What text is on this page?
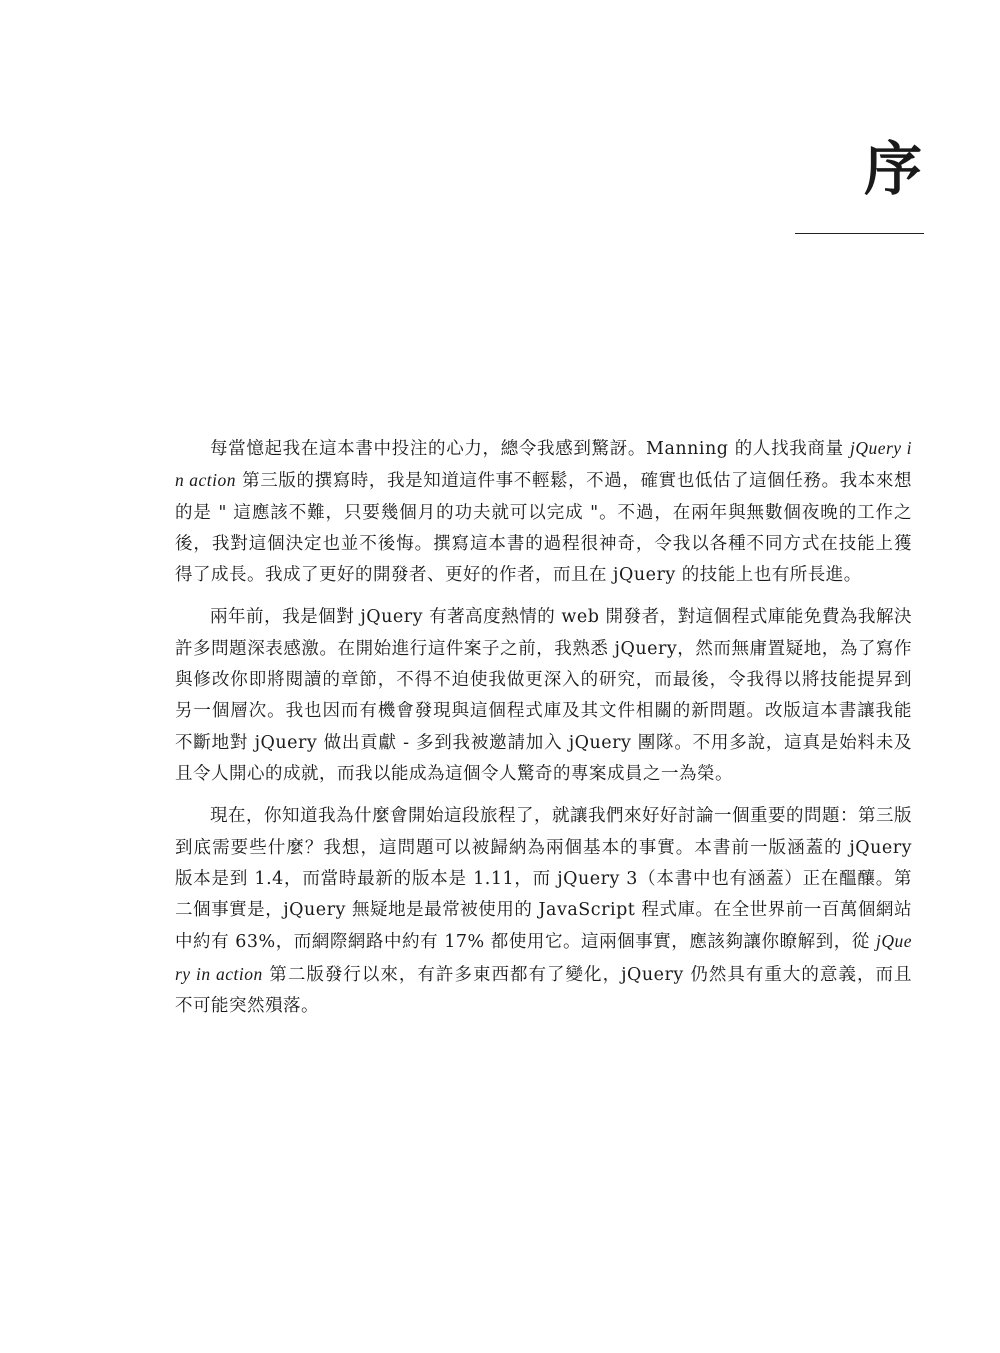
序

每當憶起我在這本書中投注的心力，總令我感到驚訝。Manning 的人找我商量 jQuery in action 第三版的撰寫時，我是知道這件事不輕鬆，不過，確實也低估了這個任務。我本來想的是 " 這應該不難，只要幾個月的功夫就可以完成 "。不過，在兩年與無數個夜晚的工作之後，我對這個決定也並不後悔。撰寫這本書的過程很神奇，令我以各種不同方式在技能上獲得了成長。我成了更好的開發者、更好的作者，而且在 jQuery 的技能上也有所長進。

兩年前，我是個對 jQuery 有著高度熱情的 web 開發者，對這個程式庫能免費為我解決許多問題深表感激。在開始進行這件案子之前，我熟悉 jQuery，然而無庸置疑地，為了寫作與修改你即將閱讀的章節，不得不迫使我做更深入的研究，而最後，令我得以將技能提昇到另一個層次。我也因而有機會發現與這個程式庫及其文件相關的新問題。改版這本書讓我能不斷地對 jQuery 做出貢獻 - 多到我被邀請加入 jQuery 團隊。不用多說，這真是始料未及且令人開心的成就，而我以能成為這個令人驚奇的專案成員之一為榮。

現在，你知道我為什麼會開始這段旅程了，就讓我們來好好討論一個重要的問題：第三版到底需要些什麼？我想，這問題可以被歸納為兩個基本的事實。本書前一版涵蓋的 jQuery 版本是到 1.4，而當時最新的版本是 1.11，而 jQuery 3（本書中也有涵蓋）正在醞釀。第二個事實是，jQuery 無疑地是最常被使用的 JavaScript 程式庫。在全世界前一百萬個網站中約有 63%，而網際網路中約有 17% 都使用它。這兩個事實，應該夠讓你瞭解到，從 jQuery in action 第二版發行以來，有許多東西都有了變化，jQuery 仍然具有重大的意義，而且不可能突然殞落。
